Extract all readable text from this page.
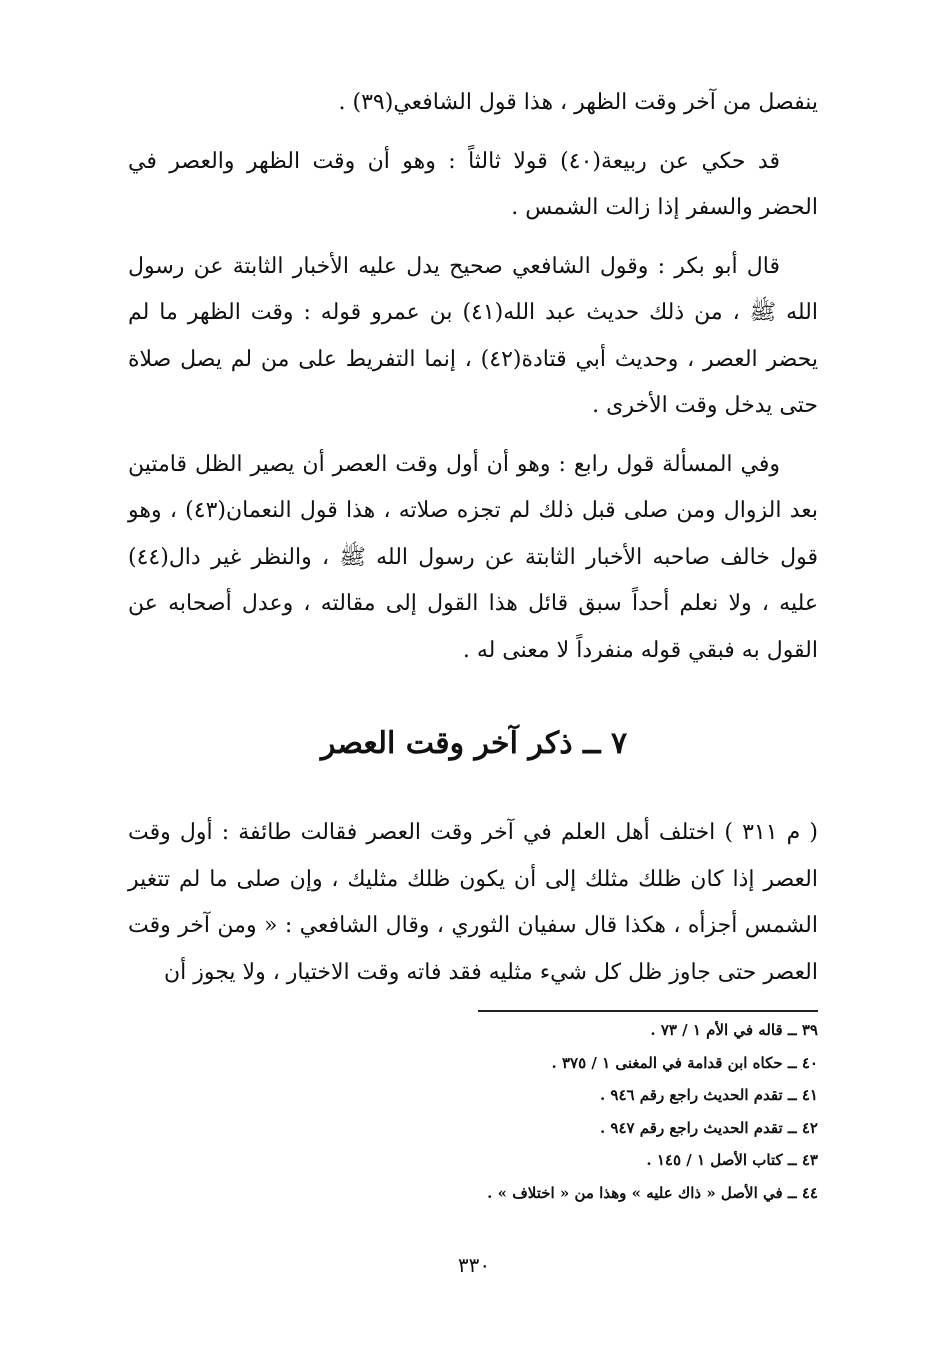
ينفصل من آخر وقت الظهر ، هذا قول الشافعي(٣٩) .

قد حكي عن ربيعة(٤٠) قولا ثالثاً : وهو أن وقت الظهر والعصر في الحضر والسفر إذا زالت الشمس .

قال أبو بكر : وقول الشافعي صحيح يدل عليه الأخبار الثابتة عن رسول الله ﷺ ، من ذلك حديث عبد الله(٤١) بن عمرو قوله : وقت الظهر ما لم يحضر العصر ، وحديث أبي قتادة(٤٢) ، إنما التفريط على من لم يصل صلاة حتى يدخل وقت الأخرى .

وفي المسألة قول رابع : وهو أن أول وقت العصر أن يصير الظل قامتين بعد الزوال ومن صلى قبل ذلك لم تجزه صلاته ، هذا قول النعمان(٤٣) ، وهو قول خالف صاحبه الأخبار الثابتة عن رسول الله ﷺ ، والنظر غير دال(٤٤) عليه ، ولا نعلم أحداً سبق قائل هذا القول إلى مقالته ، وعدل أصحابه عن القول به فبقي قوله منفرداً لا معنى له .

٧ ــ ذكر آخر وقت العصر

( م ٣١١ ) اختلف أهل العلم في آخر وقت العصر فقالت طائفة : أول وقت العصر إذا كان ظلك مثلك إلى أن يكون ظلك مثليك ، وإن صلى ما لم تتغير الشمس أجزأه ، هكذا قال سفيان الثوري ، وقال الشافعي : « ومن آخر وقت العصر حتى جاوز ظل كل شيء مثليه فقد فاته وقت الاختيار ، ولا يجوز أن

٣٩ ــ قاله في الأم ١ / ٧٣ .

٤٠ ــ حكاه ابن قدامة في المغنى ١ / ٣٧٥ .

٤١ ــ تقدم الحديث راجع رقم ٩٤٦ .

٤٢ ــ تقدم الحديث راجع رقم ٩٤٧ .

٤٣ ــ كتاب الأصل ١ / ١٤٥ .

٤٤ ــ في الأصل « ذاك عليه » وهذا من « اختلاف » .

٣٣٠
